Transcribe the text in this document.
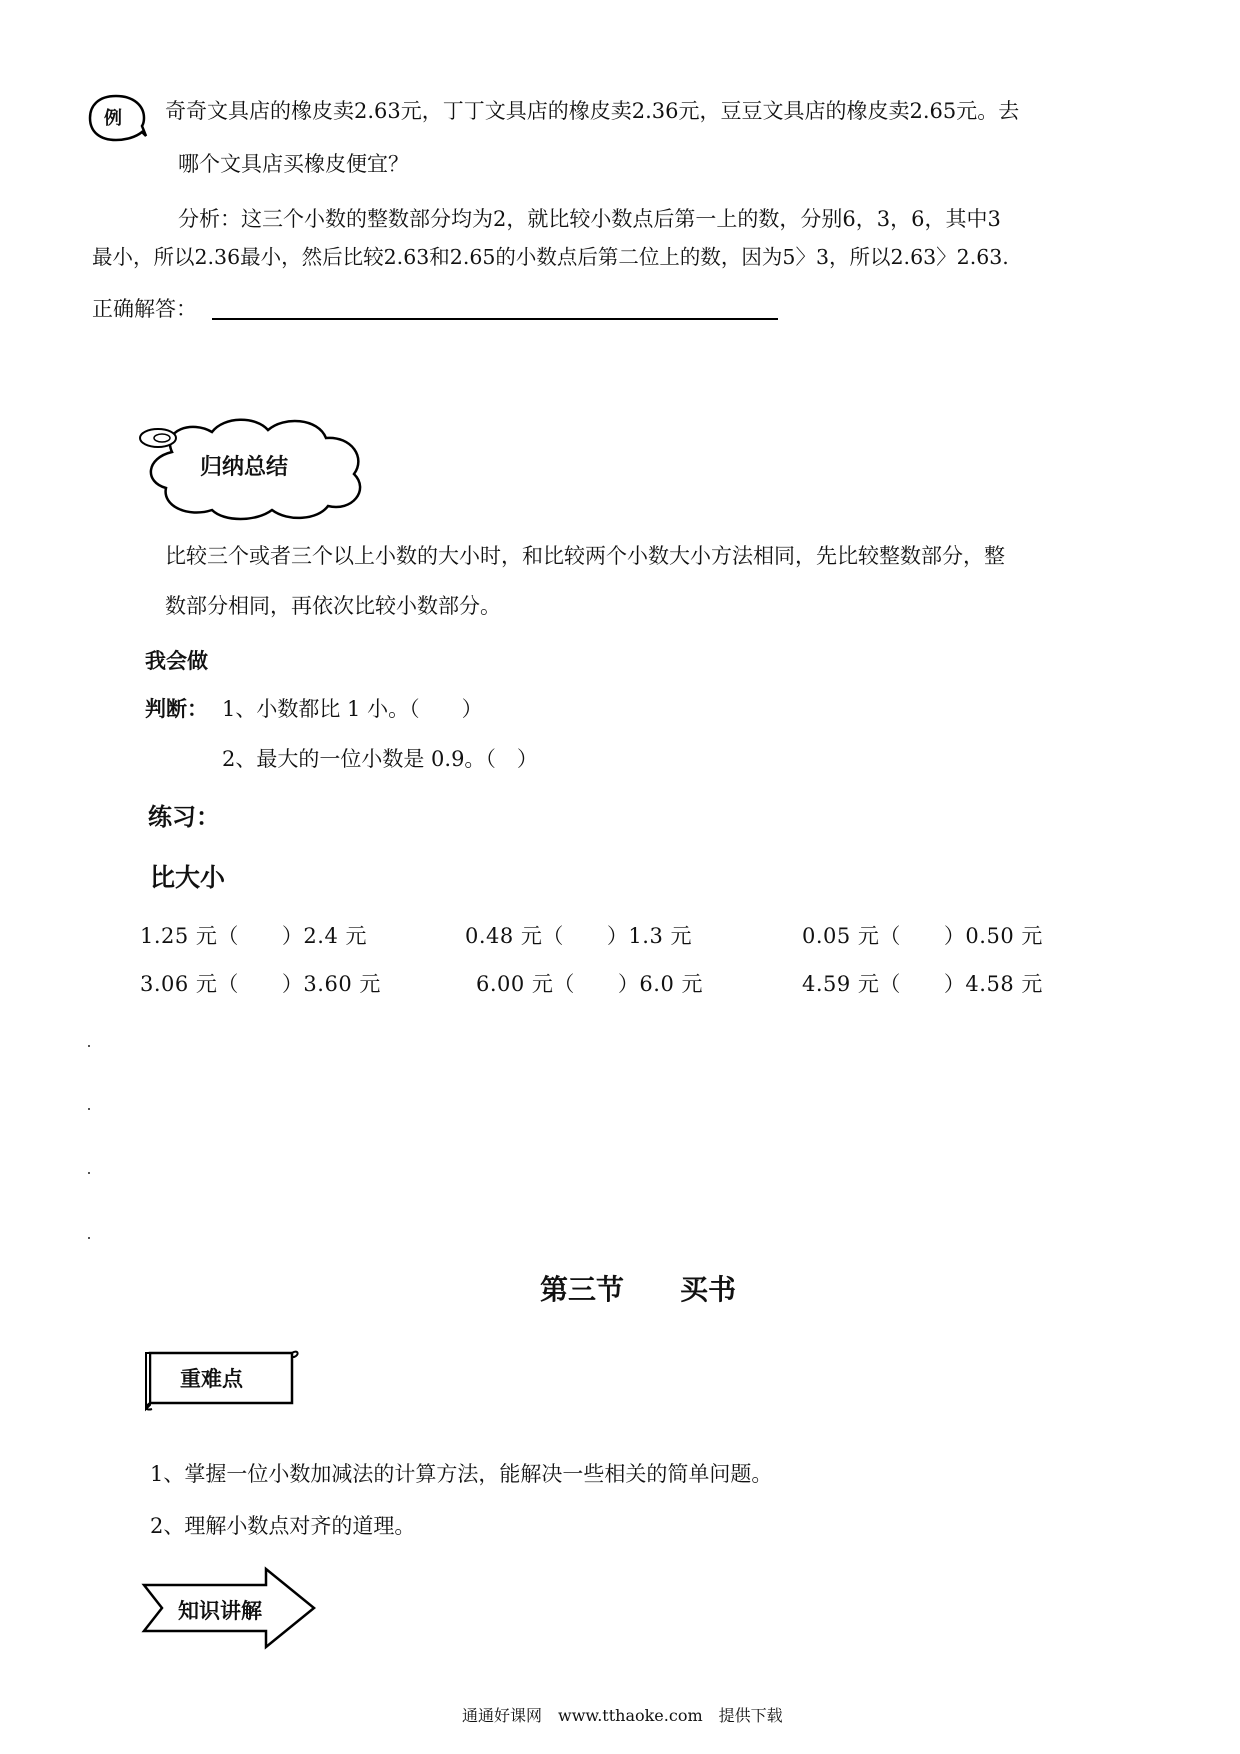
例 奇奇文具店的橡皮卖2.63元，丁丁文具店的橡皮卖2.36元，豆豆文具店的橡皮卖2.65元。去
哪个文具店买橡皮便宜？
分析：这三个小数的整数部分均为2，就比较小数点后第一上的数，分别6，3，6，其中3
最小，所以2.36最小，然后比较2.63和2.65的小数点后第二位上的数，因为5〉3，所以2.63〉2.63.
正确解答：
归纳总结
比较三个或者三个以上小数的大小时，和比较两个小数大小方法相同，先比较整数部分，整
数部分相同，再依次比较小数部分。
我会做
判断： 1、小数都比 1 小。（　　）
2、最大的一位小数是 0.9。（　）
练习：
比大小
1.25 元（　　）2.4 元	0.48 元（　　）1.3 元	0.05 元（　　）0.50 元
3.06 元（　　）3.60 元	6.00 元（　　）6.0 元	4.59 元（　　）4.58 元
第三节　　买书
重难点
1、掌握一位小数加减法的计算方法，能解决一些相关的简单问题。
2、理解小数点对齐的道理。
知识讲解
通通好课网　www.tthaoke.com　提供下载
